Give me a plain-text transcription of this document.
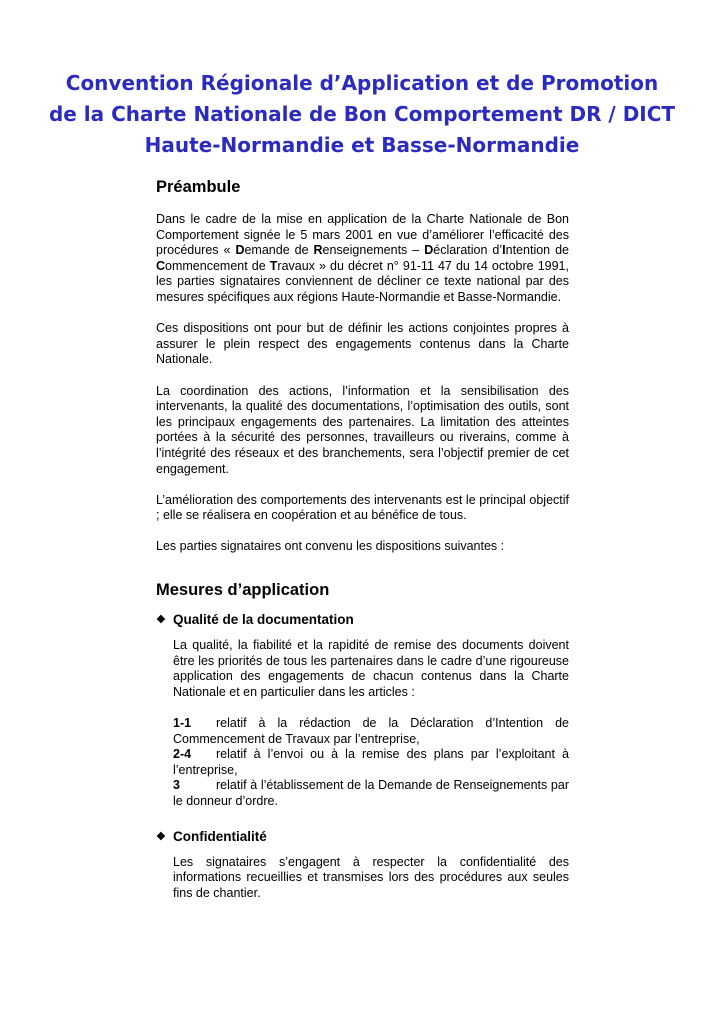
Convention Régionale d’Application et de Promotion
de la Charte Nationale de Bon Comportement DR / DICT
Haute-Normandie et Basse-Normandie
Préambule

Dans le cadre de la mise en application de la Charte Nationale de Bon Comportement signée le 5 mars 2001 en vue d’améliorer l’efficacité des procédures « Demande de Renseignements – Déclaration d’Intention de Commencement de Travaux » du décret n° 91-11 47 du 14 octobre 1991, les parties signataires conviennent de décliner ce texte national par des mesures spécifiques aux régions Haute-Normandie et Basse-Normandie.

Ces dispositions ont pour but de définir les actions conjointes propres à assurer le plein respect des engagements contenus dans la Charte Nationale.

La coordination des actions, l’information et la sensibilisation des intervenants, la qualité des documentations, l’optimisation des outils, sont les principaux engagements des partenaires. La limitation des atteintes portées à la sécurité des personnes, travailleurs ou riverains, comme à l’intégrité des réseaux et des branchements, sera l’objectif premier de cet engagement.

L’amélioration des comportements des intervenants est le principal objectif ; elle se réalisera en coopération et au bénéfice de tous.

Les parties signataires ont convenu les dispositions suivantes :

Mesures d’application
❖ Qualité de la documentation

La qualité, la fiabilité et la rapidité de remise des documents doivent être les priorités de tous les partenaires dans le cadre d’une rigoureuse application des engagements de chacun contenus dans la Charte Nationale et en particulier dans les articles :

1-1 relatif à la rédaction de la Déclaration d’Intention de Commencement de Travaux par l’entreprise,

2-4 relatif à l’envoi ou à la remise des plans par l’exploitant à l’entreprise,

3	relatif à l’établissement de la Demande de Renseignements par le donneur d’ordre.

❖ Confidentialité

Les signataires s’engagent à respecter la confidentialité des informations recueillies et transmises lors des procédures aux seules fins de chantier.
